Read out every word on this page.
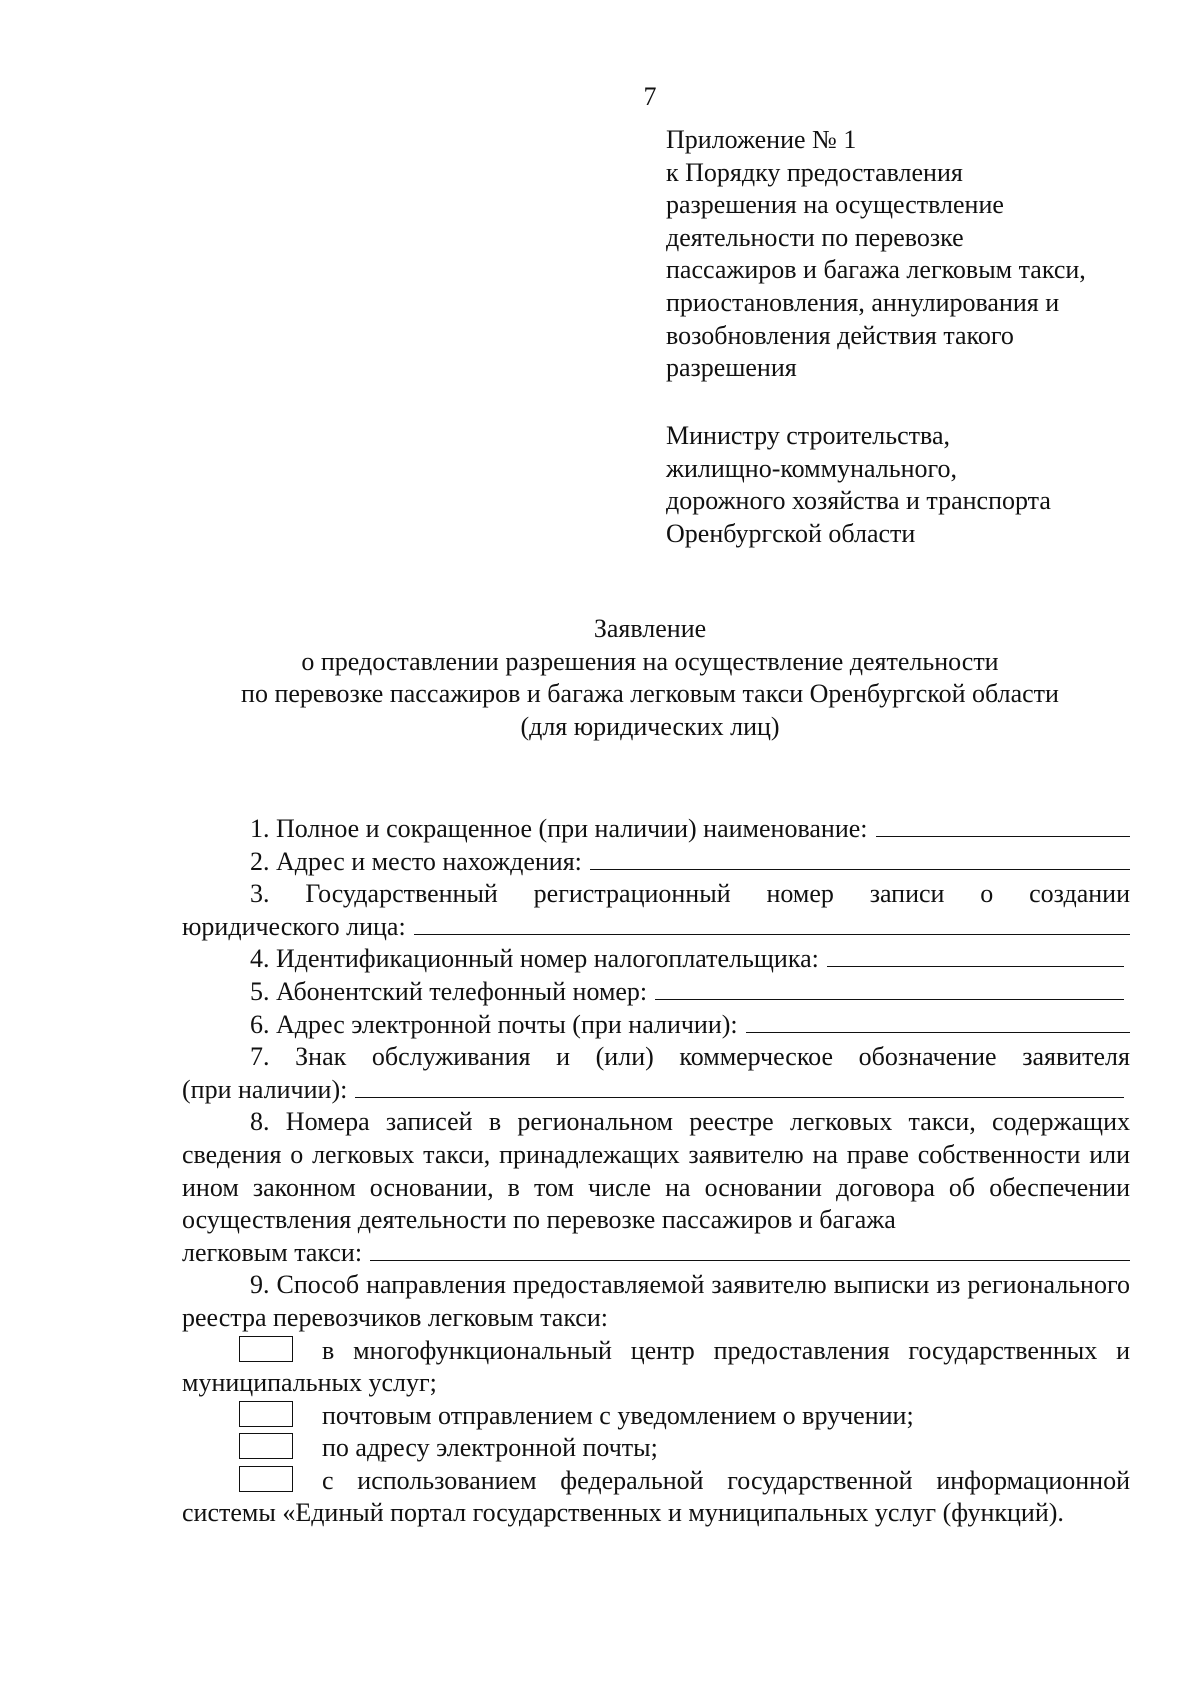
7
Приложение № 1
к Порядку предоставления
разрешения на осуществление
деятельности по перевозке
пассажиров и багажа легковым такси,
приостановления, аннулирования и
возобновления действия такого
разрешения
Министру строительства,
жилищно-коммунального,
дорожного хозяйства и транспорта
Оренбургской области
Заявление
о предоставлении разрешения на осуществление деятельности
по перевозке пассажиров и багажа легковым такси Оренбургской области
(для юридических лиц)
1. Полное и сокращенное (при наличии) наименование:
2. Адрес и место нахождения:
3. Государственный регистрационный номер записи о создании
юридического лица:
4. Идентификационный номер налогоплательщика:
5. Абонентский телефонный номер:
6. Адрес электронной почты (при наличии):
7. Знак обслуживания и (или) коммерческое обозначение заявителя
(при наличии):
8. Номера записей в региональном реестре легковых такси, содержащих сведения о легковых такси, принадлежащих заявителю на праве собственности или ином законном основании, в том числе на основании договора об обеспечении осуществления деятельности по перевозке пассажиров и багажа
легковым такси:
9. Способ направления предоставляемой заявителю выписки из регионального реестра перевозчиков легковым такси:
в многофункциональный центр предоставления государственных и муниципальных услуг;
почтовым отправлением с уведомлением о вручении;
по адресу электронной почты;
с использованием федеральной государственной информационной системы «Единый портал государственных и муниципальных услуг (функций).
